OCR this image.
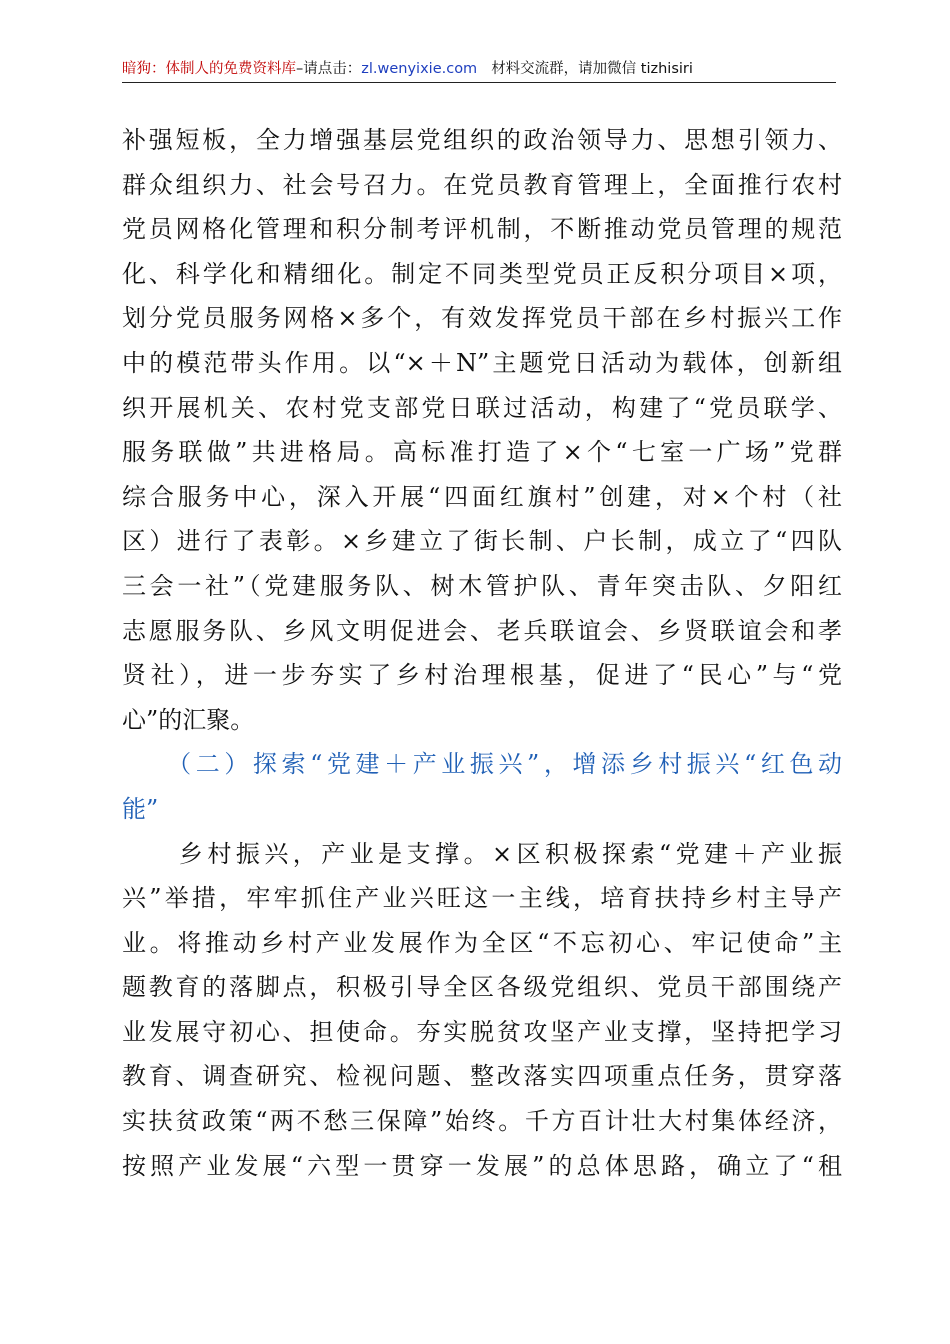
暗狗：体制人的免费资料库–请点击：zl.wenyixie.com 材料交流群，请加微信 tizhisiri
补强短板，全力增强基层党组织的政治领导力、思想引领力、
群众组织力、社会号召力。在党员教育管理上，全面推行农村
党员网格化管理和积分制考评机制，不断推动党员管理的规范
化、科学化和精细化。制定不同类型党员正反积分项目×项，
划分党员服务网格×多个，有效发挥党员干部在乡村振兴工作
中的模范带头作用。以“×＋N”主题党日活动为载体，创新组
织开展机关、农村党支部党日联过活动，构建了“党员联学、
服务联做”共进格局。高标准打造了×个“七室一广场”党群
综合服务中心，深入开展“四面红旗村”创建，对×个村（社
区）进行了表彰。×乡建立了街长制、户长制，成立了“四队
三会一社”（党建服务队、树木管护队、青年突击队、夕阳红
志愿服务队、乡风文明促进会、老兵联谊会、乡贤联谊会和孝
贤社），进一步夯实了乡村治理根基，促进了“民心”与“党
心”的汇聚。
　　（二）探索“党建＋产业振兴”，增添乡村振兴“红色动
能”
　　乡村振兴，产业是支撑。×区积极探索“党建＋产业振
兴”举措，牢牢抓住产业兴旺这一主线，培育扶持乡村主导产
业。将推动乡村产业发展作为全区“不忘初心、牢记使命”主
题教育的落脚点，积极引导全区各级党组织、党员干部围绕产
业发展守初心、担使命。夯实脱贫攻坚产业支撑，坚持把学习
教育、调查研究、检视问题、整改落实四项重点任务，贯穿落
实扶贫政策“两不愁三保障”始终。千方百计壮大村集体经济，
按照产业发展“六型一贯穿一发展”的总体思路，确立了“租
